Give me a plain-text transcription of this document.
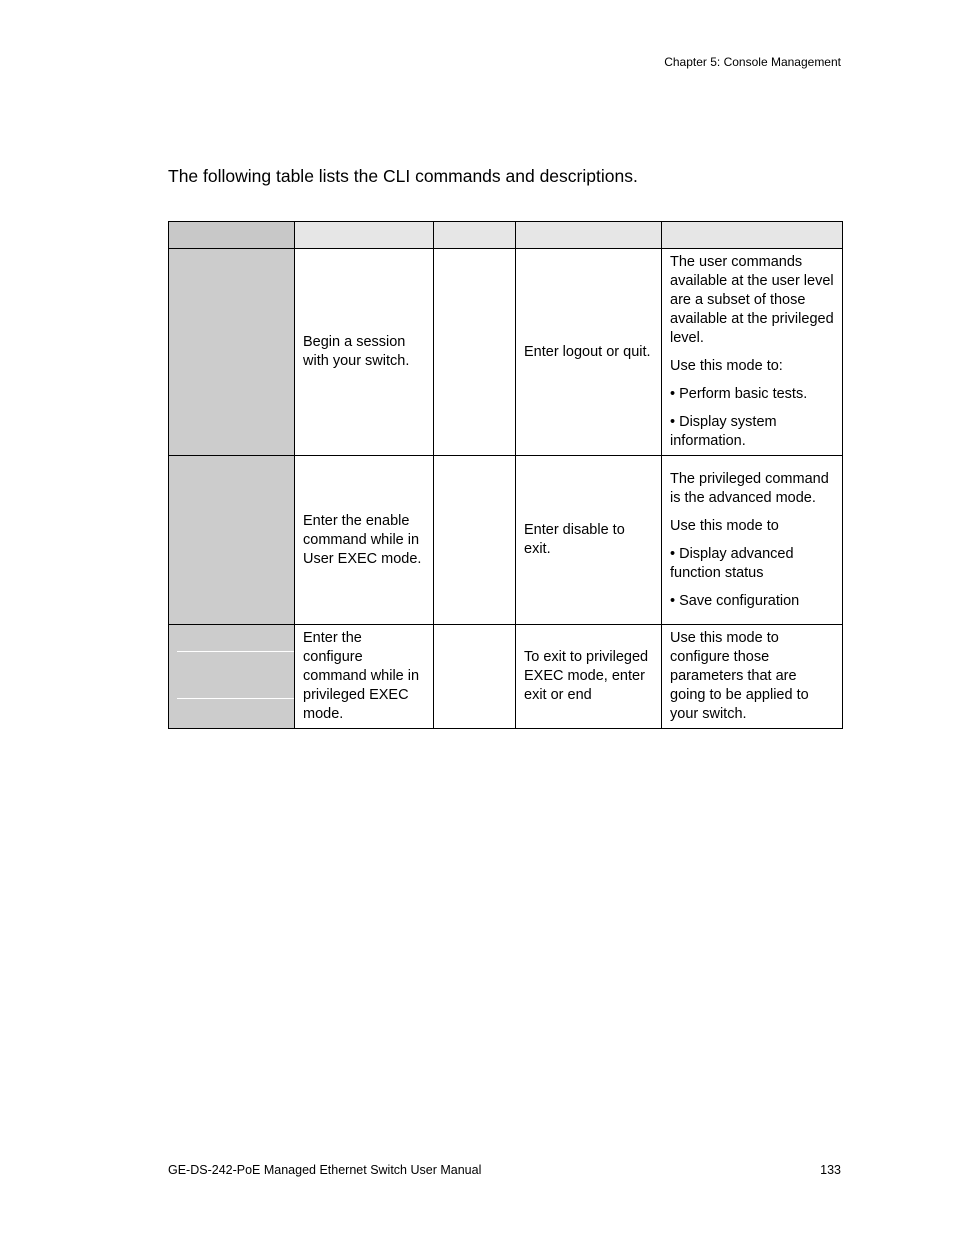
Chapter 5: Console Management
The following table lists the CLI commands and descriptions.

	Begin a session with your switch.		Enter logout or quit.	The user commands available at the user level are a subset of those available at the privileged level.

Use this mode to:

• Perform basic tests.

• Display system information.

	Enter the enable command while in User EXEC mode.		Enter disable to exit.	The privileged command is the advanced mode.

Use this mode to

• Display advanced function status

• Save configuration

	Enter the configure command while in privileged EXEC mode.		To exit to privileged EXEC mode, enter exit or end	Use this mode to configure those parameters that are going to be applied to your switch.

GE-DS-242-PoE Managed Ethernet Switch User Manual	133
